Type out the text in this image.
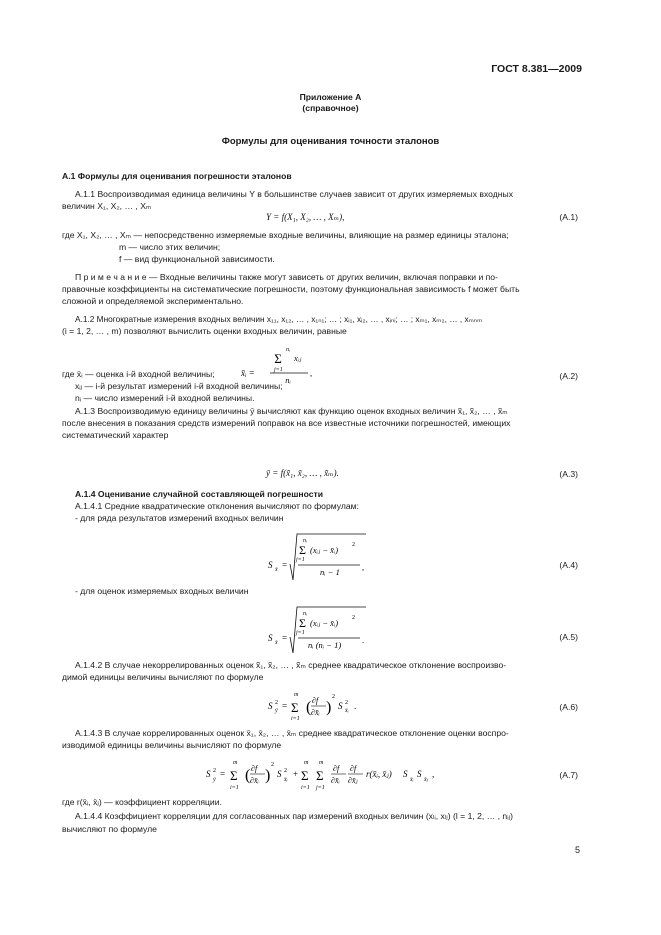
ГОСТ 8.381—2009
Приложение А
(справочное)
Формулы для оценивания точности эталонов
А.1 Формулы для оценивания погрешности эталонов
А.1.1 Воспроизводимая единица величины Y в большинстве случаев зависит от других измеряемых входных
величин X₁, X₂, … , Xₘ
Y = f(X₁, X₂, … , Xₘ),	(А.1)
где X₁, X₂, … , Xₘ — непосредственно измеряемые входные величины, влияющие на размер единицы эталона;
m — число этих величин;
f — вид функциональной зависимости.
П р и м е ч а н и е — Входные величины также могут зависеть от других величин, включая поправки и по-
правочные коэффициенты на систематические погрешности, поэтому функциональная зависимость f может быть
сложной и определяемой экспериментально.
А.1.2 Многократные измерения входных величин x₁₁, x₁₂, … , x₁ₙ₁; … ; xᵢ₁, xᵢ₂, … , xᵢₙᵢ; … ; xₘ₁, xₘ₂, … , xₘₙₘ
(i = 1, 2, … , m) позволяют вычислить оценки входных величин, равные
nᵢ
Σ xᵢⱼ
j=1
nᵢ
,
x̄ᵢ =	(А.2)
где x̄ᵢ — оценка i-й входной величины;
xᵢⱼ — i-й результат измерений i-й входной величины;
nᵢ — число измерений i-й входной величины.
А.1.3 Воспроизводимую единицу величины ȳ вычисляют как функцию оценок входных величин x̃₁, x̃₂, … , x̃ₘ
после внесения в показания средств измерений поправок на все известные источники погрешностей, имеющих
систематический характер
ȳ = f(x̃₁, x̃₂, … , x̃ₘ).	(А.3)
А.1.4 Оценивание случайной составляющей погрешности
А.1.4.1 Средние квадратические отклонения вычисляют по формулам:
- для ряда результатов измерений входных величин
S x̄ =
nᵢ
Σ
j=1
(xᵢⱼ − x̄ᵢ) 2
nᵢ − 1	,	(А.4)
- для оценок измеряемых входных величин
S x̄ =
nᵢ
Σ
j=1
(xᵢⱼ − x̄ᵢ) 2
nᵢ (nᵢ − 1) .	(А.5)
А.1.4.2 В случае некоррелированных оценок x̃₁, x̃₂, … , x̃ₘ среднее квадратическое отклонение воспроизво-
димой единицы величины вычисляют по формуле
S 2
ȳ =
m
Σ
i=1
( ∂f
∂x̄ᵢ )
2
S 2
x̄ᵢ .	(А.6)
А.1.4.3 В случае коррелированных оценок x̄₁, x̄₂, … , x̄ₘ среднее квадратическое отклонение оценки воспро-
изводимой единицы величины вычисляют по формуле
S 2
ȳ
=
m
Σ
i=1
( ∂f
∂x̄ᵢ )
2
S 2
x̄ᵢ
+
m
Σ
i=1
m
Σ
j=1
∂f
∂x̄ᵢ
∂f
∂x̄ⱼ
r(x̄ᵢ, x̄ⱼ) S
x̄ᵢ
S
x̄ⱼ
,	(А.7)
где r(x̄ᵢ, x̄ⱼ) — коэффициент корреляции.
А.1.4.4 Коэффициент корреляции для согласованных пар измерений входных величин (xₗᵢ, xₗⱼ) (l = 1, 2, … , nᵢⱼ)
вычисляют по формуле
5
